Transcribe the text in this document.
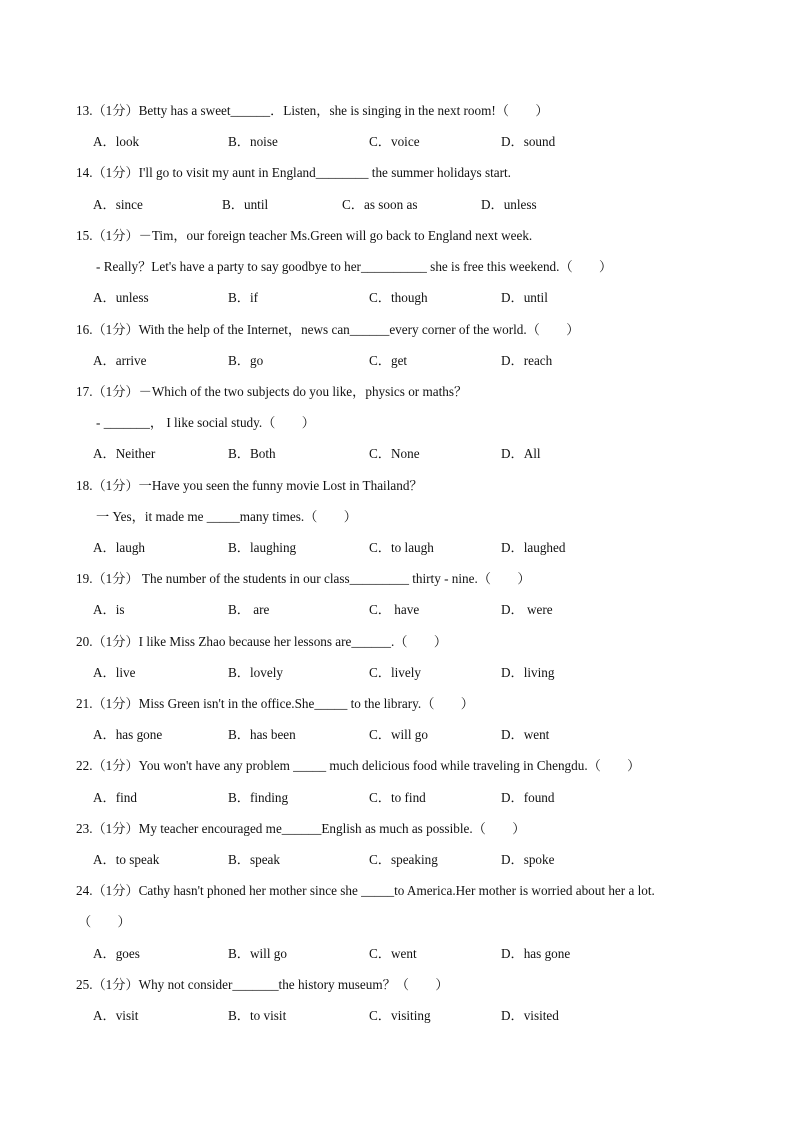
13.（1分）Betty has a sweet______．Listen，she is singing in the next room!（　　）
A．look	B．noise	C．voice	D．sound
14.（1分）I'll go to visit my aunt in England________ the summer holidays start.
A．since	B．until	C．as soon as	D．unless
15.（1分）－Tim，our foreign teacher Ms.Green will go back to England next week.
- Really？Let's have a party to say goodbye to her__________ she is free this weekend.（　　）
A．unless	B．if	C．though	D．until
16.（1分）With the help of the Internet，news can______every corner of the world.（　　）
A．arrive	B．go	C．get	D．reach
17.（1分）－Which of the two subjects do you like，physics or maths？
- _______， I like social study.（　　）
A．Neither	B．Both	C．None	D．All
18.（1分）一Have you seen the funny movie Lost in Thailand？
一 Yes，it made me _____many times.（　　）
A．laugh	B．laughing	C．to laugh	D．laughed
19.（1分） The number of the students in our class_________ thirty - nine.（　　）
A．is	B． are	C． have	D． were
20.（1分）I like Miss Zhao because her lessons are______.（　　）
A．live	B．lovely	C．lively	D．living
21.（1分）Miss Green isn't in the office.She_____ to the library.（　　）
A．has gone	B．has been	C．will go	D．went
22.（1分）You won't have any problem _____ much delicious food while traveling in Chengdu.（　　）
A．find	B．finding	C．to find	D．found
23.（1分）My teacher encouraged me______English as much as possible.（　　）
A．to speak	B．speak	C．speaking	D．spoke
24.（1分）Cathy hasn't phoned her mother since she _____to America.Her mother is worried about her a lot.
（　　）
A．goes	B．will go	C．went	D．has gone
25.（1分）Why not consider_______the history museum？（　　）
A．visit	B．to visit	C．visiting	D．visited
